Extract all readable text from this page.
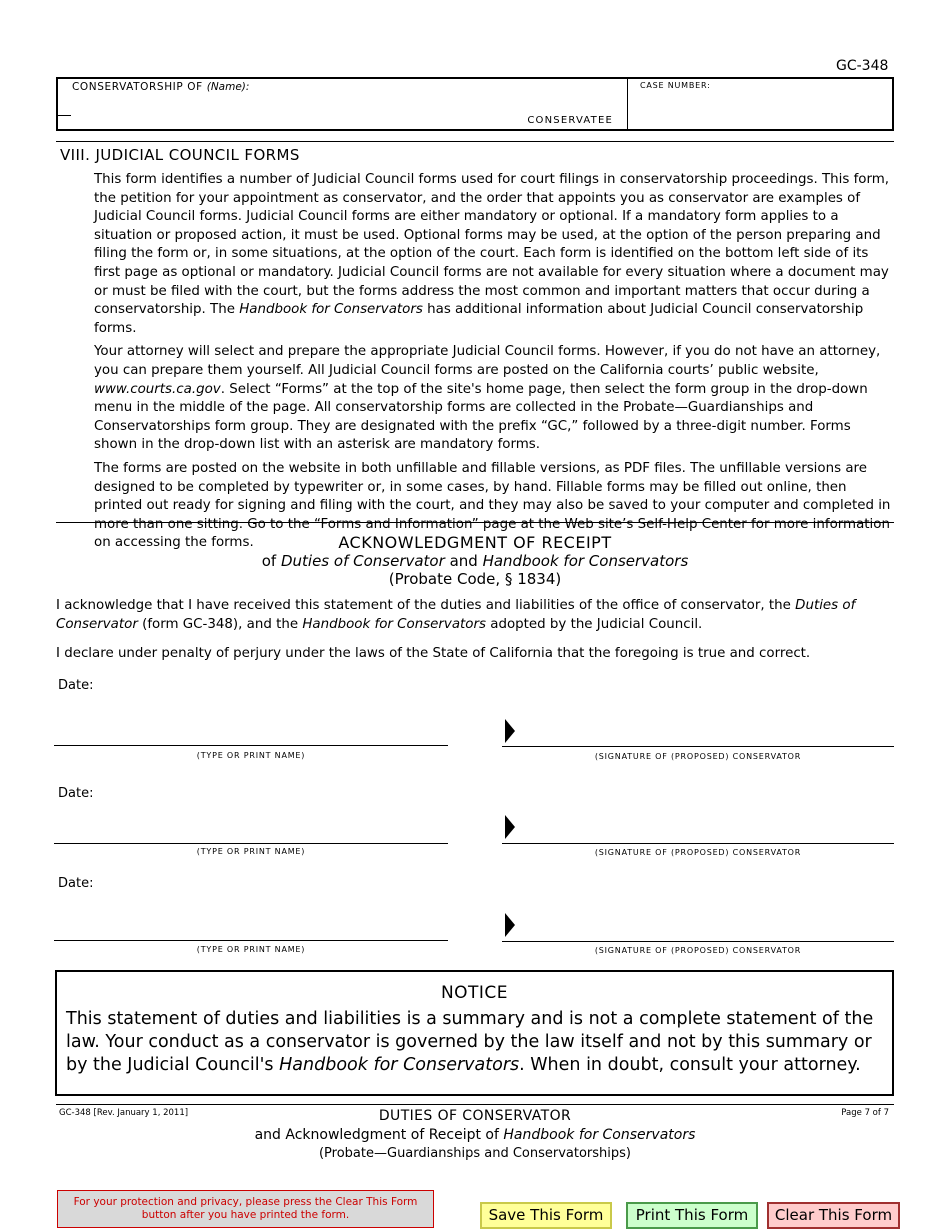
GC-348
CONSERVATORSHIP OF (Name):
CONSERVATEE
CASE NUMBER:
VIII. JUDICIAL COUNCIL FORMS

This form identifies a number of Judicial Council forms used for court filings in conservatorship proceedings. This form, the petition for your appointment as conservator, and the order that appoints you as conservator are examples of Judicial Council forms. Judicial Council forms are either mandatory or optional. If a mandatory form applies to a situation or proposed action, it must be used. Optional forms may be used, at the option of the person preparing and filing the form or, in some situations, at the option of the court. Each form is identified on the bottom left side of its first page as optional or mandatory. Judicial Council forms are not available for every situation where a document may or must be filed with the court, but the forms address the most common and important matters that occur during a conservatorship. The Handbook for Conservators has additional information about Judicial Council conservatorship forms.

Your attorney will select and prepare the appropriate Judicial Council forms. However, if you do not have an attorney, you can prepare them yourself. All Judicial Council forms are posted on the California courts’ public website, www.courts.ca.gov. Select “Forms” at the top of the site's home page, then select the form group in the drop-down menu in the middle of the page. All conservatorship forms are collected in the Probate—Guardianships and Conservatorships form group. They are designated with the prefix “GC,” followed by a three-digit number. Forms shown in the drop-down list with an asterisk are mandatory forms.

The forms are posted on the website in both unfillable and fillable versions, as PDF files. The unfillable versions are designed to be completed by typewriter or, in some cases, by hand. Fillable forms may be filled out online, then printed out ready for signing and filing with the court, and they may also be saved to your computer and completed in more than one sitting. Go to the “Forms and Information” page at the Web site’s Self-Help Center for more information on accessing the forms.	ACKNOWLEDGMENT OF RECEIPT
of Duties of Conservator and Handbook for Conservators
(Probate Code, § 1834)
I acknowledge that I have received this statement of the duties and liabilities of the office of conservator, the Duties of Conservator (form GC-348), and the Handbook for Conservators adopted by the Judicial Council.
I declare under penalty of perjury under the laws of the State of California that the foregoing is true and correct.
Date:
(TYPE OR PRINT NAME)	(SIGNATURE OF (PROPOSED) CONSERVATOR
Date:
(TYPE OR PRINT NAME)	(SIGNATURE OF (PROPOSED) CONSERVATOR
Date:
(TYPE OR PRINT NAME)	(SIGNATURE OF (PROPOSED) CONSERVATOR
NOTICE
This statement of duties and liabilities is a summary and is not a complete statement of the law. Your conduct as a conservator is governed by the law itself and not by this summary or by the Judicial Council's Handbook for Conservators. When in doubt, consult your attorney.
GC-348 [Rev. January 1, 2011]	Page 7 of 7
DUTIES OF CONSERVATOR
and Acknowledgment of Receipt of Handbook for Conservators
(Probate—Guardianships and Conservatorships)
For your protection and privacy, please press the Clear This Form button after you have printed the form.	Save This Form	Print This Form	Clear This Form
